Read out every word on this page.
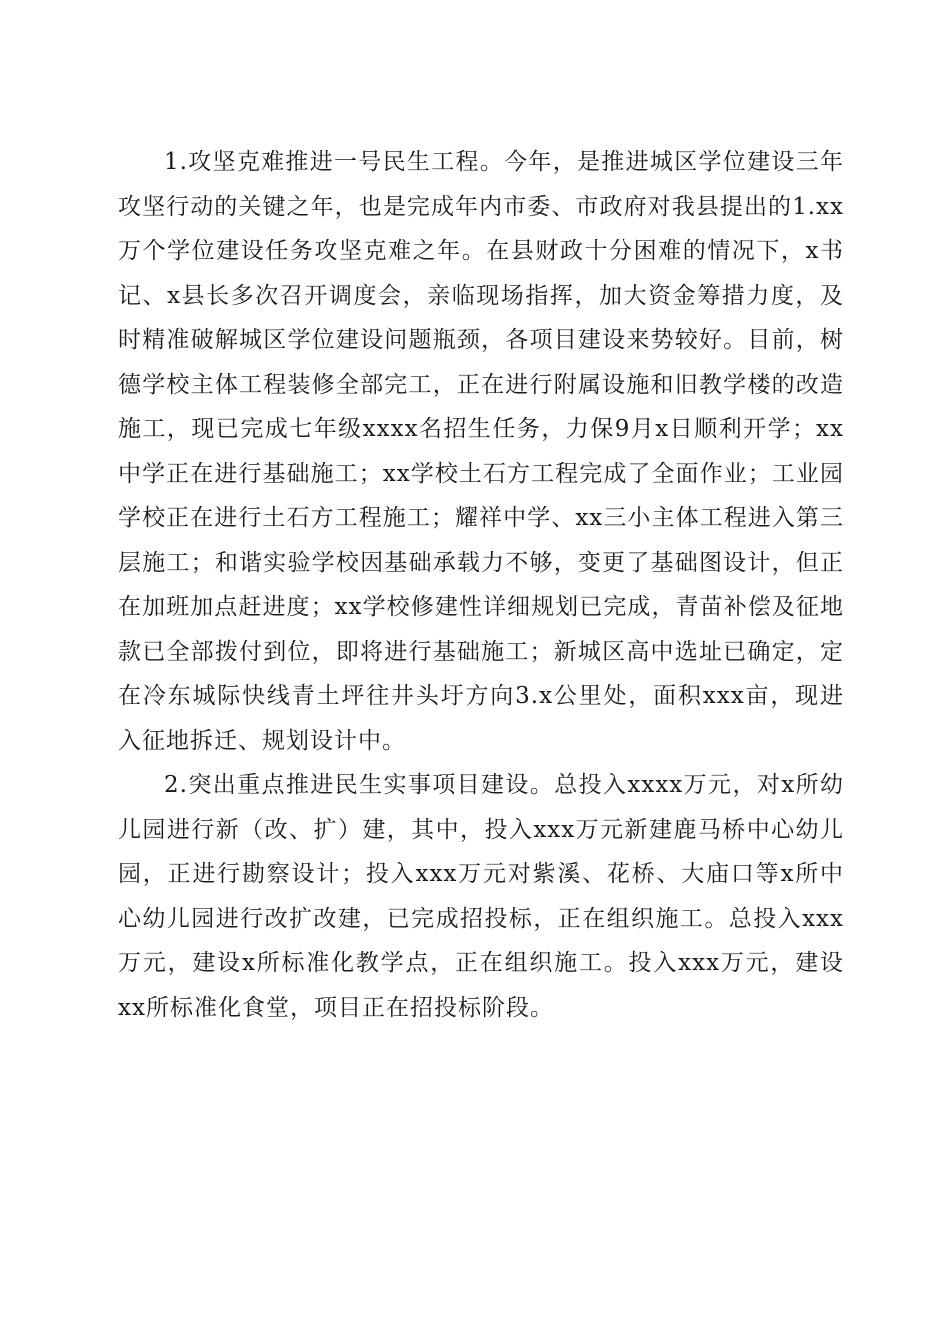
1.攻坚克难推进一号民生工程。今年，是推进城区学位建设三年攻坚行动的关键之年，也是完成年内市委、市政府对我县提出的1.xx万个学位建设任务攻坚克难之年。在县财政十分困难的情况下，x书记、x县长多次召开调度会，亲临现场指挥，加大资金筹措力度，及时精准破解城区学位建设问题瓶颈，各项目建设来势较好。目前，树德学校主体工程装修全部完工，正在进行附属设施和旧教学楼的改造施工，现已完成七年级xxxx名招生任务，力保9月x日顺利开学；xx中学正在进行基础施工；xx学校土石方工程完成了全面作业；工业园学校正在进行土石方工程施工；耀祥中学、xx三小主体工程进入第三层施工；和谐实验学校因基础承载力不够，变更了基础图设计，但正在加班加点赶进度；xx学校修建性详细规划已完成，青苗补偿及征地款已全部拨付到位，即将进行基础施工；新城区高中选址已确定，定在冷东城际快线青土坪往井头圩方向3.x公里处，面积xxx亩，现进入征地拆迁、规划设计中。

2.突出重点推进民生实事项目建设。总投入xxxx万元，对x所幼儿园进行新（改、扩）建，其中，投入xxx万元新建鹿马桥中心幼儿园，正进行勘察设计；投入xxx万元对紫溪、花桥、大庙口等x所中心幼儿园进行改扩改建，已完成招投标，正在组织施工。总投入xxx万元，建设x所标准化教学点，正在组织施工。投入xxx万元，建设xx所标准化食堂，项目正在招投标阶段。
